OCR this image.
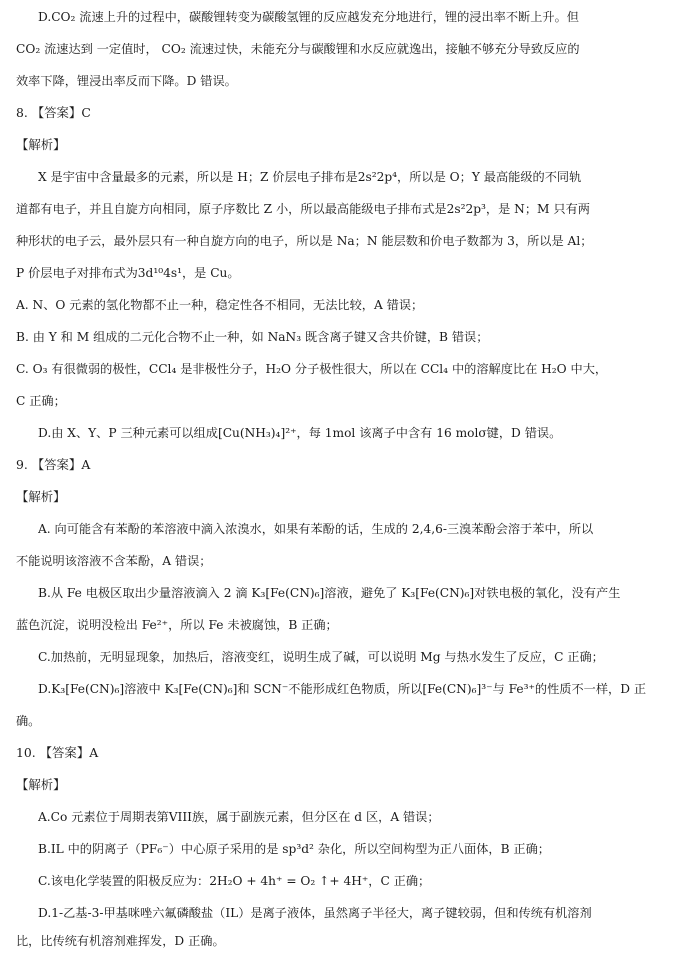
D.CO₂ 流速上升的过程中，碳酸锂转变为碳酸氢锂的反应越发充分地进行，锂的浸出率不断上升。但
CO₂ 流速达到 一定值时， CO₂ 流速过快，未能充分与碳酸锂和水反应就逸出，接触不够充分导致反应的
效率下降，锂浸出率反而下降。D 错误。
8. 【答案】C
【解析】
X 是宇宙中含量最多的元素，所以是 H；Z 价层电子排布是2s²2p⁴，所以是 O；Y 最高能级的不同轨
道都有电子，并且自旋方向相同，原子序数比 Z 小，所以最高能级电子排布式是2s²2p³，是 N；M 只有两
种形状的电子云，最外层只有一种自旋方向的电子，所以是 Na；N 能层数和价电子数都为 3，所以是 Al；
P 价层电子对排布式为3d¹⁰4s¹，是 Cu。
A. N、O 元素的氢化物都不止一种，稳定性各不相同，无法比较，A 错误；
B. 由 Y 和 M 组成的二元化合物不止一种，如 NaN₃ 既含离子键又含共价键，B 错误；
C. O₃ 有很微弱的极性，CCl₄ 是非极性分子，H₂O 分子极性很大，所以在 CCl₄ 中的溶解度比在 H₂O 中大，
C 正确；
D.由 X、Y、P 三种元素可以组成[Cu(NH₃)₄]²⁺，每 1mol 该离子中含有 16 molσ键，D 错误。
9. 【答案】A
【解析】
A. 向可能含有苯酚的苯溶液中滴入浓溴水，如果有苯酚的话，生成的 2,4,6-三溴苯酚会溶于苯中，所以
不能说明该溶液不含苯酚，A 错误；
B.从 Fe 电极区取出少量溶液滴入 2 滴 K₃[Fe(CN)₆]溶液，避免了 K₃[Fe(CN)₆]对铁电极的氧化，没有产生
蓝色沉淀，说明没检出 Fe²⁺，所以 Fe 未被腐蚀，B 正确；
C.加热前，无明显现象，加热后，溶液变红，说明生成了碱，可以说明 Mg 与热水发生了反应，C 正确；
D.K₃[Fe(CN)₆]溶液中 K₃[Fe(CN)₆]和 SCN⁻不能形成红色物质，所以[Fe(CN)₆]³⁻与 Fe³⁺的性质不一样，D 正
确。
10. 【答案】A
【解析】
A.Co 元素位于周期表第VIII族，属于副族元素，但分区在 d 区，A 错误；
B.IL 中的阴离子（PF₆⁻）中心原子采用的是 sp³d² 杂化，所以空间构型为正八面体，B 正确；
C.该电化学装置的阳极反应为：2H₂O + 4h⁺ = O₂ ↑+ 4H⁺，C 正确；
D.1-乙基-3-甲基咪唑六氟磷酸盐（IL）是离子液体，虽然离子半径大，离子键较弱，但和传统有机溶剂
比，比传统有机溶剂难挥发，D 正确。
